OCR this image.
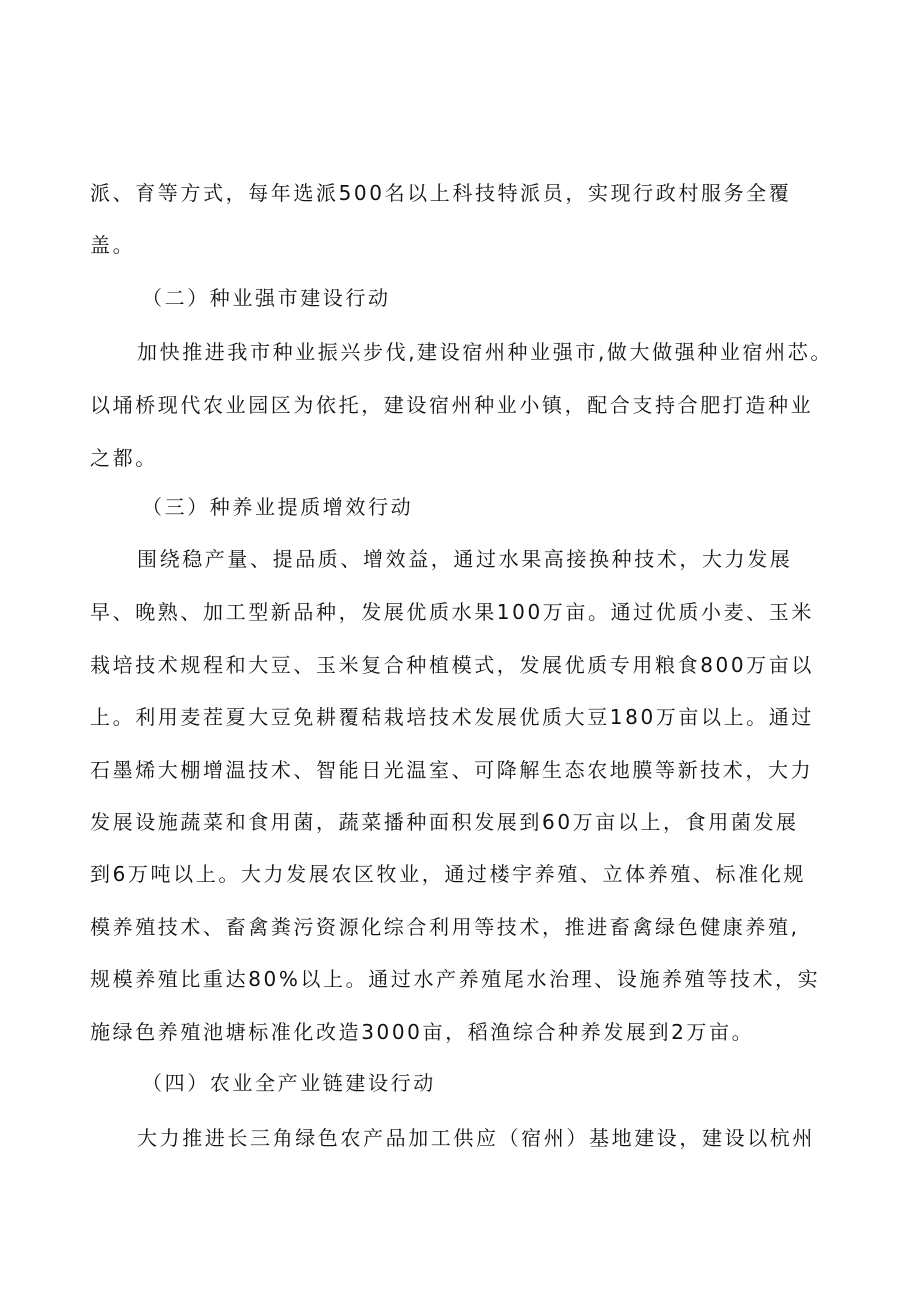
派、育等方式，每年选派500名以上科技特派员，实现行政村服务全覆
盖。
（二）种业强市建设行动
加快推进我市种业振兴步伐,建设宿州种业强市,做大做强种业宿州芯。
以埇桥现代农业园区为依托，建设宿州种业小镇，配合支持合肥打造种业
之都。
（三）种养业提质增效行动
围绕稳产量、提品质、增效益，通过水果高接换种技术，大力发展
早、晚熟、加工型新品种，发展优质水果100万亩。通过优质小麦、玉米
栽培技术规程和大豆、玉米复合种植模式，发展优质专用粮食800万亩以
上。利用麦茬夏大豆免耕覆秸栽培技术发展优质大豆180万亩以上。通过
石墨烯大棚增温技术、智能日光温室、可降解生态农地膜等新技术，大力
发展设施蔬菜和食用菌，蔬菜播种面积发展到60万亩以上，食用菌发展
到6万吨以上。大力发展农区牧业，通过楼宇养殖、立体养殖、标准化规
模养殖技术、畜禽粪污资源化综合利用等技术，推进畜禽绿色健康养殖,
规模养殖比重达80%以上。通过水产养殖尾水治理、设施养殖等技术，实
施绿色养殖池塘标准化改造3000亩，稻渔综合种养发展到2万亩。
（四）农业全产业链建设行动
大力推进长三角绿色农产品加工供应（宿州）基地建设，建设以杭州
